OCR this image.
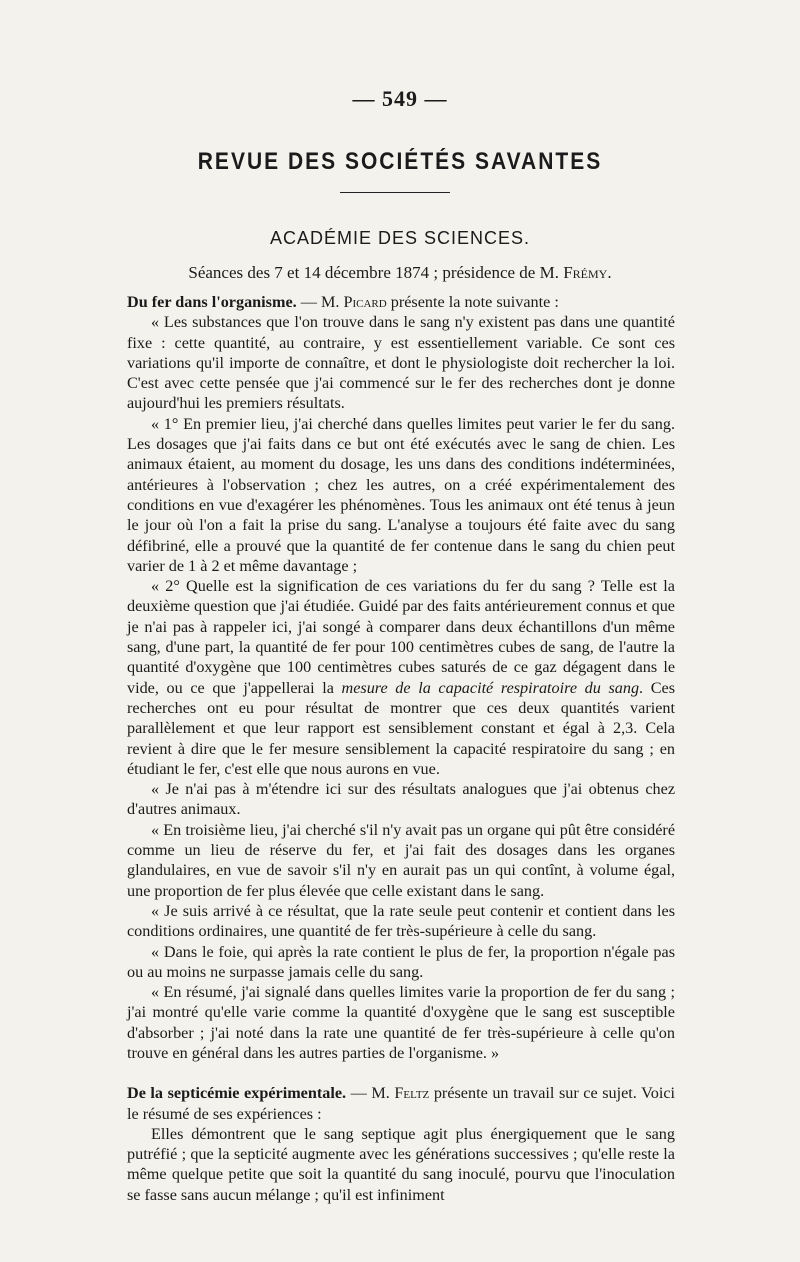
— 549 —
REVUE DES SOCIÉTÉS SAVANTES
ACADÉMIE DES SCIENCES.
Séances des 7 et 14 décembre 1874 ; présidence de M. Frémy.

Du fer dans l'organisme. — M. Picard présente la note suivante :

« Les substances que l'on trouve dans le sang n'y existent pas dans une quantité fixe : cette quantité, au contraire, y est essentiellement variable. Ce sont ces variations qu'il importe de connaître, et dont le physiologiste doit rechercher la loi. C'est avec cette pensée que j'ai commencé sur le fer des recherches dont je donne aujourd'hui les premiers résultats.

« 1° En premier lieu, j'ai cherché dans quelles limites peut varier le fer du sang. Les dosages que j'ai faits dans ce but ont été exécutés avec le sang de chien. Les animaux étaient, au moment du dosage, les uns dans des conditions indéterminées, antérieures à l'observation ; chez les autres, on a créé expérimentalement des conditions en vue d'exagérer les phénomènes. Tous les animaux ont été tenus à jeun le jour où l'on a fait la prise du sang. L'analyse a toujours été faite avec du sang défibriné, elle a prouvé que la quantité de fer contenue dans le sang du chien peut varier de 1 à 2 et même davantage ;

« 2° Quelle est la signification de ces variations du fer du sang ? Telle est la deuxième question que j'ai étudiée. Guidé par des faits antérieurement connus et que je n'ai pas à rappeler ici, j'ai songé à comparer dans deux échantillons d'un même sang, d'une part, la quantité de fer pour 100 centimètres cubes de sang, de l'autre la quantité d'oxygène que 100 centimètres cubes saturés de ce gaz dégagent dans le vide, ou ce que j'appellerai la mesure de la capacité respiratoire du sang. Ces recherches ont eu pour résultat de montrer que ces deux quantités varient parallèlement et que leur rapport est sensiblement constant et égal à 2,3. Cela revient à dire que le fer mesure sensiblement la capacité respiratoire du sang ; en étudiant le fer, c'est elle que nous aurons en vue.

« Je n'ai pas à m'étendre ici sur des résultats analogues que j'ai obtenus chez d'autres animaux.

« En troisième lieu, j'ai cherché s'il n'y avait pas un organe qui pût être considéré comme un lieu de réserve du fer, et j'ai fait des dosages dans les organes glandulaires, en vue de savoir s'il n'y en aurait pas un qui contînt, à volume égal, une proportion de fer plus élevée que celle existant dans le sang.

« Je suis arrivé à ce résultat, que la rate seule peut contenir et contient dans les conditions ordinaires, une quantité de fer très-supérieure à celle du sang.

« Dans le foie, qui après la rate contient le plus de fer, la proportion n'égale pas ou au moins ne surpasse jamais celle du sang.

« En résumé, j'ai signalé dans quelles limites varie la proportion de fer du sang ; j'ai montré qu'elle varie comme la quantité d'oxygène que le sang est susceptible d'absorber ; j'ai noté dans la rate une quantité de fer très-supérieure à celle qu'on trouve en général dans les autres parties de l'organisme. »

De la septicémie expérimentale. — M. Feltz présente un travail sur ce sujet. Voici le résumé de ses expériences :

Elles démontrent que le sang septique agit plus énergiquement que le sang putréfié ; que la septicité augmente avec les générations successives ; qu'elle reste la même quelque petite que soit la quantité du sang inoculé, pourvu que l'inoculation se fasse sans aucun mélange ; qu'il est infiniment
